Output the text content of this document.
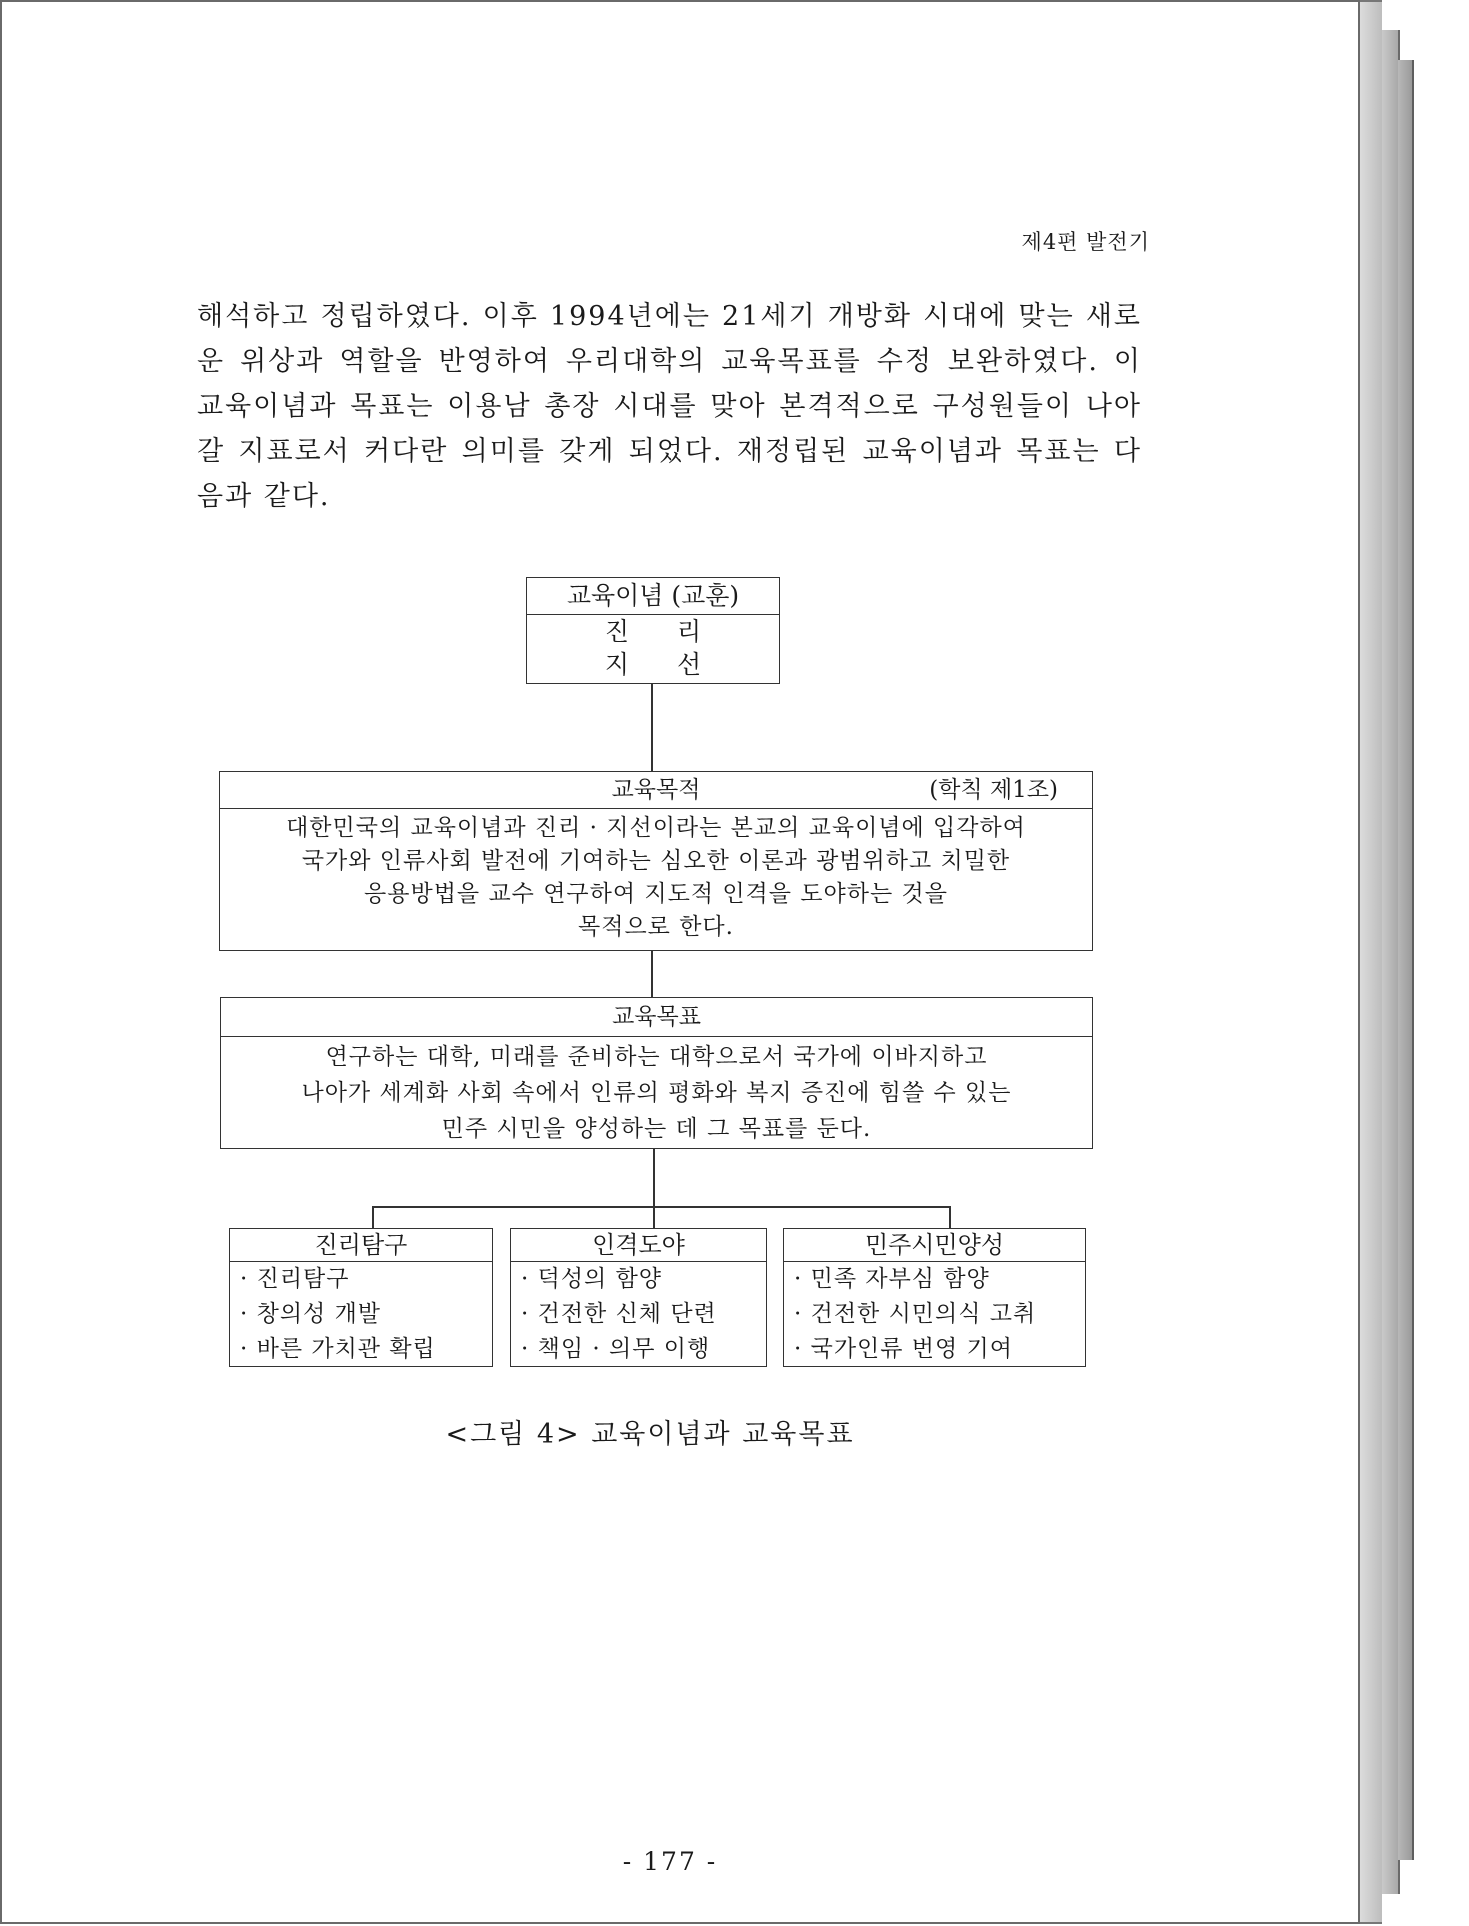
제4편 발전기
해석하고 정립하였다. 이후 1994년에는 21세기 개방화 시대에 맞는 새로운 위상과 역할을 반영하여 우리대학의 교육목표를 수정 보완하였다. 이 교육이념과 목표는 이용남 총장 시대를 맞아 본격적으로 구성원들이 나아갈 지표로서 커다란 의미를 갖게 되었다. 재정립된 교육이념과 목표는 다음과 같다.
교육이념 (교훈)
진 리
지 선
교육목적	(학칙 제1조)
대한민국의 교육이념과 진리 · 지선이라는 본교의 교육이념에 입각하여
국가와 인류사회 발전에 기여하는 심오한 이론과 광범위하고 치밀한
응용방법을 교수 연구하여 지도적 인격을 도야하는 것을
목적으로 한다.
교육목표
연구하는 대학, 미래를 준비하는 대학으로서 국가에 이바지하고
나아가 세계화 사회 속에서 인류의 평화와 복지 증진에 힘쓸 수 있는
민주 시민을 양성하는 데 그 목표를 둔다.
진리탐구
· 진리탐구
· 창의성 개발
· 바른 가치관 확립
인격도야
· 덕성의 함양
· 건전한 신체 단련
· 책임 · 의무 이행
민주시민양성
· 민족 자부심 함양
· 건전한 시민의식 고취
· 국가인류 번영 기여
<그림 4> 교육이념과 교육목표
- 177 -
